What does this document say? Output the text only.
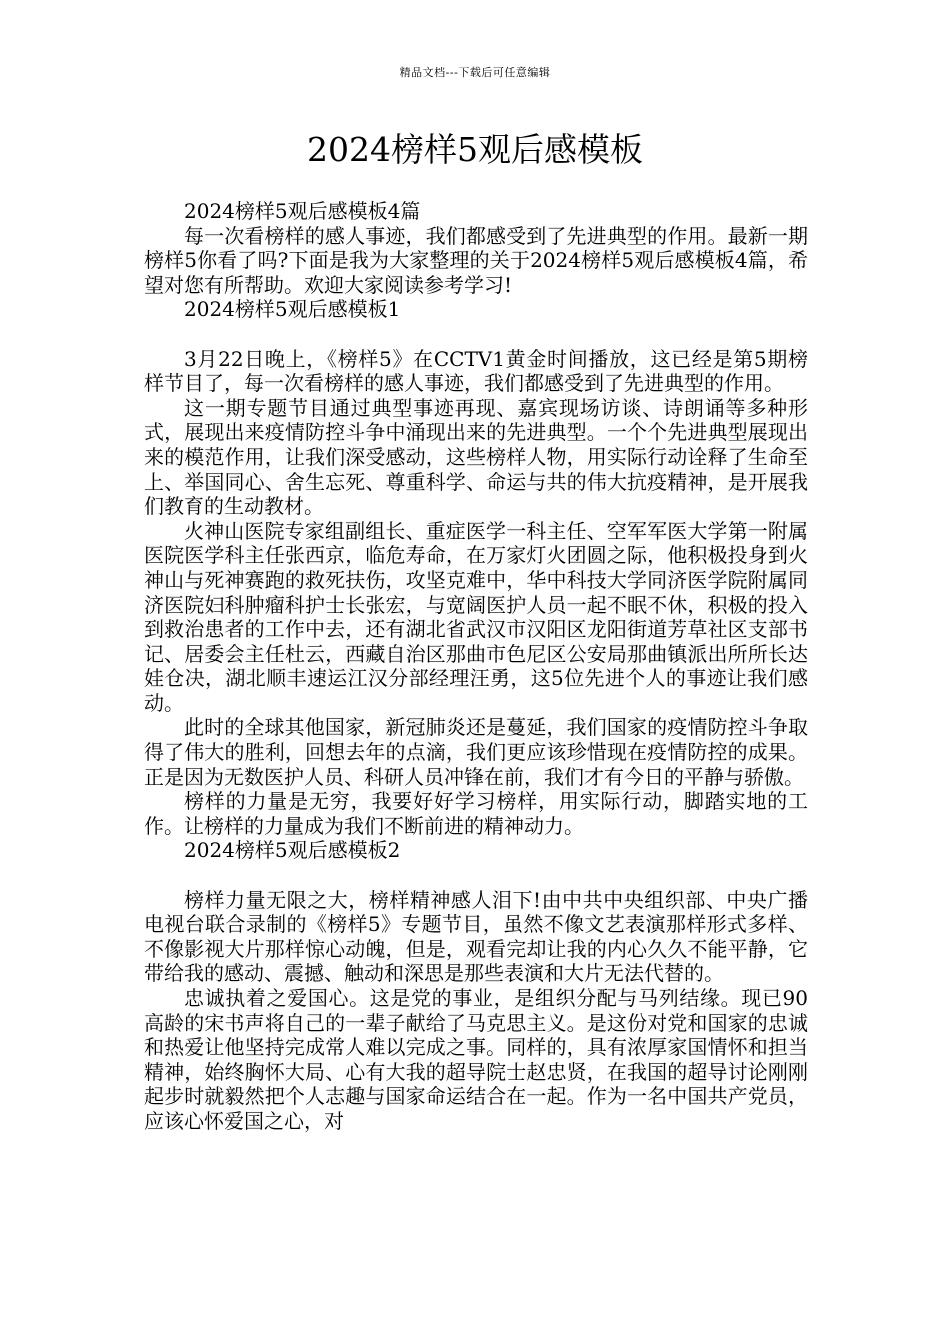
精品文档---下载后可任意编辑
2024榜样5观后感模板

2024榜样5观后感模板4篇

每一次看榜样的感人事迹，我们都感受到了先进典型的作用。最新一期榜样5你看了吗?下面是我为大家整理的关于2024榜样5观后感模板4篇，希望对您有所帮助。欢迎大家阅读参考学习!

2024榜样5观后感模板1

3月22日晚上，《榜样5》在CCTV1黄金时间播放，这已经是第5期榜样节目了，每一次看榜样的感人事迹，我们都感受到了先进典型的作用。

这一期专题节目通过典型事迹再现、嘉宾现场访谈、诗朗诵等多种形式，展现出来疫情防控斗争中涌现出来的先进典型。一个个先进典型展现出来的模范作用，让我们深受感动，这些榜样人物，用实际行动诠释了生命至上、举国同心、舍生忘死、尊重科学、命运与共的伟大抗疫精神，是开展我们教育的生动教材。

火神山医院专家组副组长、重症医学一科主任、空军军医大学第一附属医院医学科主任张西京，临危寿命，在万家灯火团圆之际，他积极投身到火神山与死神赛跑的救死扶伤，攻坚克难中，华中科技大学同济医学院附属同济医院妇科肿瘤科护士长张宏，与宽阔医护人员一起不眠不休，积极的投入到救治患者的工作中去，还有湖北省武汉市汉阳区龙阳街道芳草社区支部书记、居委会主任杜云，西藏自治区那曲市色尼区公安局那曲镇派出所所长达娃仓决，湖北顺丰速运江汉分部经理汪勇，这5位先进个人的事迹让我们感动。

此时的全球其他国家，新冠肺炎还是蔓延，我们国家的疫情防控斗争取得了伟大的胜利，回想去年的点滴，我们更应该珍惜现在疫情防控的成果。正是因为无数医护人员、科研人员冲锋在前，我们才有今日的平静与骄傲。

榜样的力量是无穷，我要好好学习榜样，用实际行动，脚踏实地的工作。让榜样的力量成为我们不断前进的精神动力。

2024榜样5观后感模板2

榜样力量无限之大，榜样精神感人泪下!由中共中央组织部、中央广播电视台联合录制的《榜样5》专题节目，虽然不像文艺表演那样形式多样、不像影视大片那样惊心动魄，但是，观看完却让我的内心久久不能平静，它带给我的感动、震撼、触动和深思是那些表演和大片无法代替的。

忠诚执着之爱国心。这是党的事业，是组织分配与马列结缘。现已90高龄的宋书声将自己的一辈子献给了马克思主义。是这份对党和国家的忠诚和热爱让他坚持完成常人难以完成之事。同样的，具有浓厚家国情怀和担当精神，始终胸怀大局、心有大我的超导院士赵忠贤，在我国的超导讨论刚刚起步时就毅然把个人志趣与国家命运结合在一起。作为一名中国共产党员，应该心怀爱国之心，对
